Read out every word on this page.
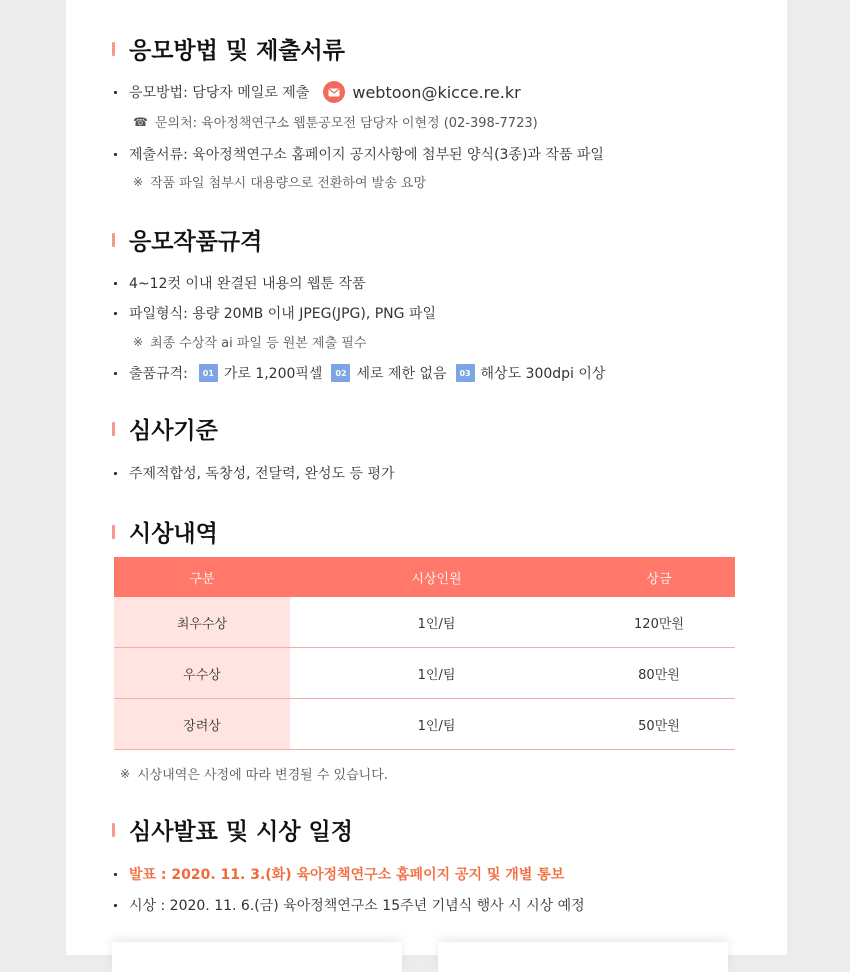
응모방법 및 제출서류
응모방법: 담당자 메일로 제출	webtoon@kicce.re.kr
☎ 문의처: 육아정책연구소 웹툰공모전 담당자 이현정 (02-398-7723)
제출서류: 육아정책연구소 홈페이지 공지사항에 첨부된 양식(3종)과 작품 파일
※ 작품 파일 첨부시 대용량으로 전환하여 발송 요망
응모작품규격
4~12컷 이내 완결된 내용의 웹툰 작품
파일형식: 용량 20MB 이내 JPEG(JPG), PNG 파일
※ 최종 수상작 ai 파일 등 원본 제출 필수
출품규격:	01 가로 1,200픽셀	02 세로 제한 없음	03 해상도 300dpi 이상
심사기준
주제적합성, 독창성, 전달력, 완성도 등 평가
시상내역
구분	시상인원	상금
최우수상	1인/팀	120만원
우수상	1인/팀	80만원
장려상	1인/팀	50만원
※ 시상내역은 사정에 따라 변경될 수 있습니다.
심사발표 및 시상 일정
발표 : 2020. 11. 3.(화) 육아정책연구소 홈페이지 공지 및 개별 통보
시상 : 2020. 11. 6.(금) 육아정책연구소 15주년 기념식 행사 시 시상 예정
